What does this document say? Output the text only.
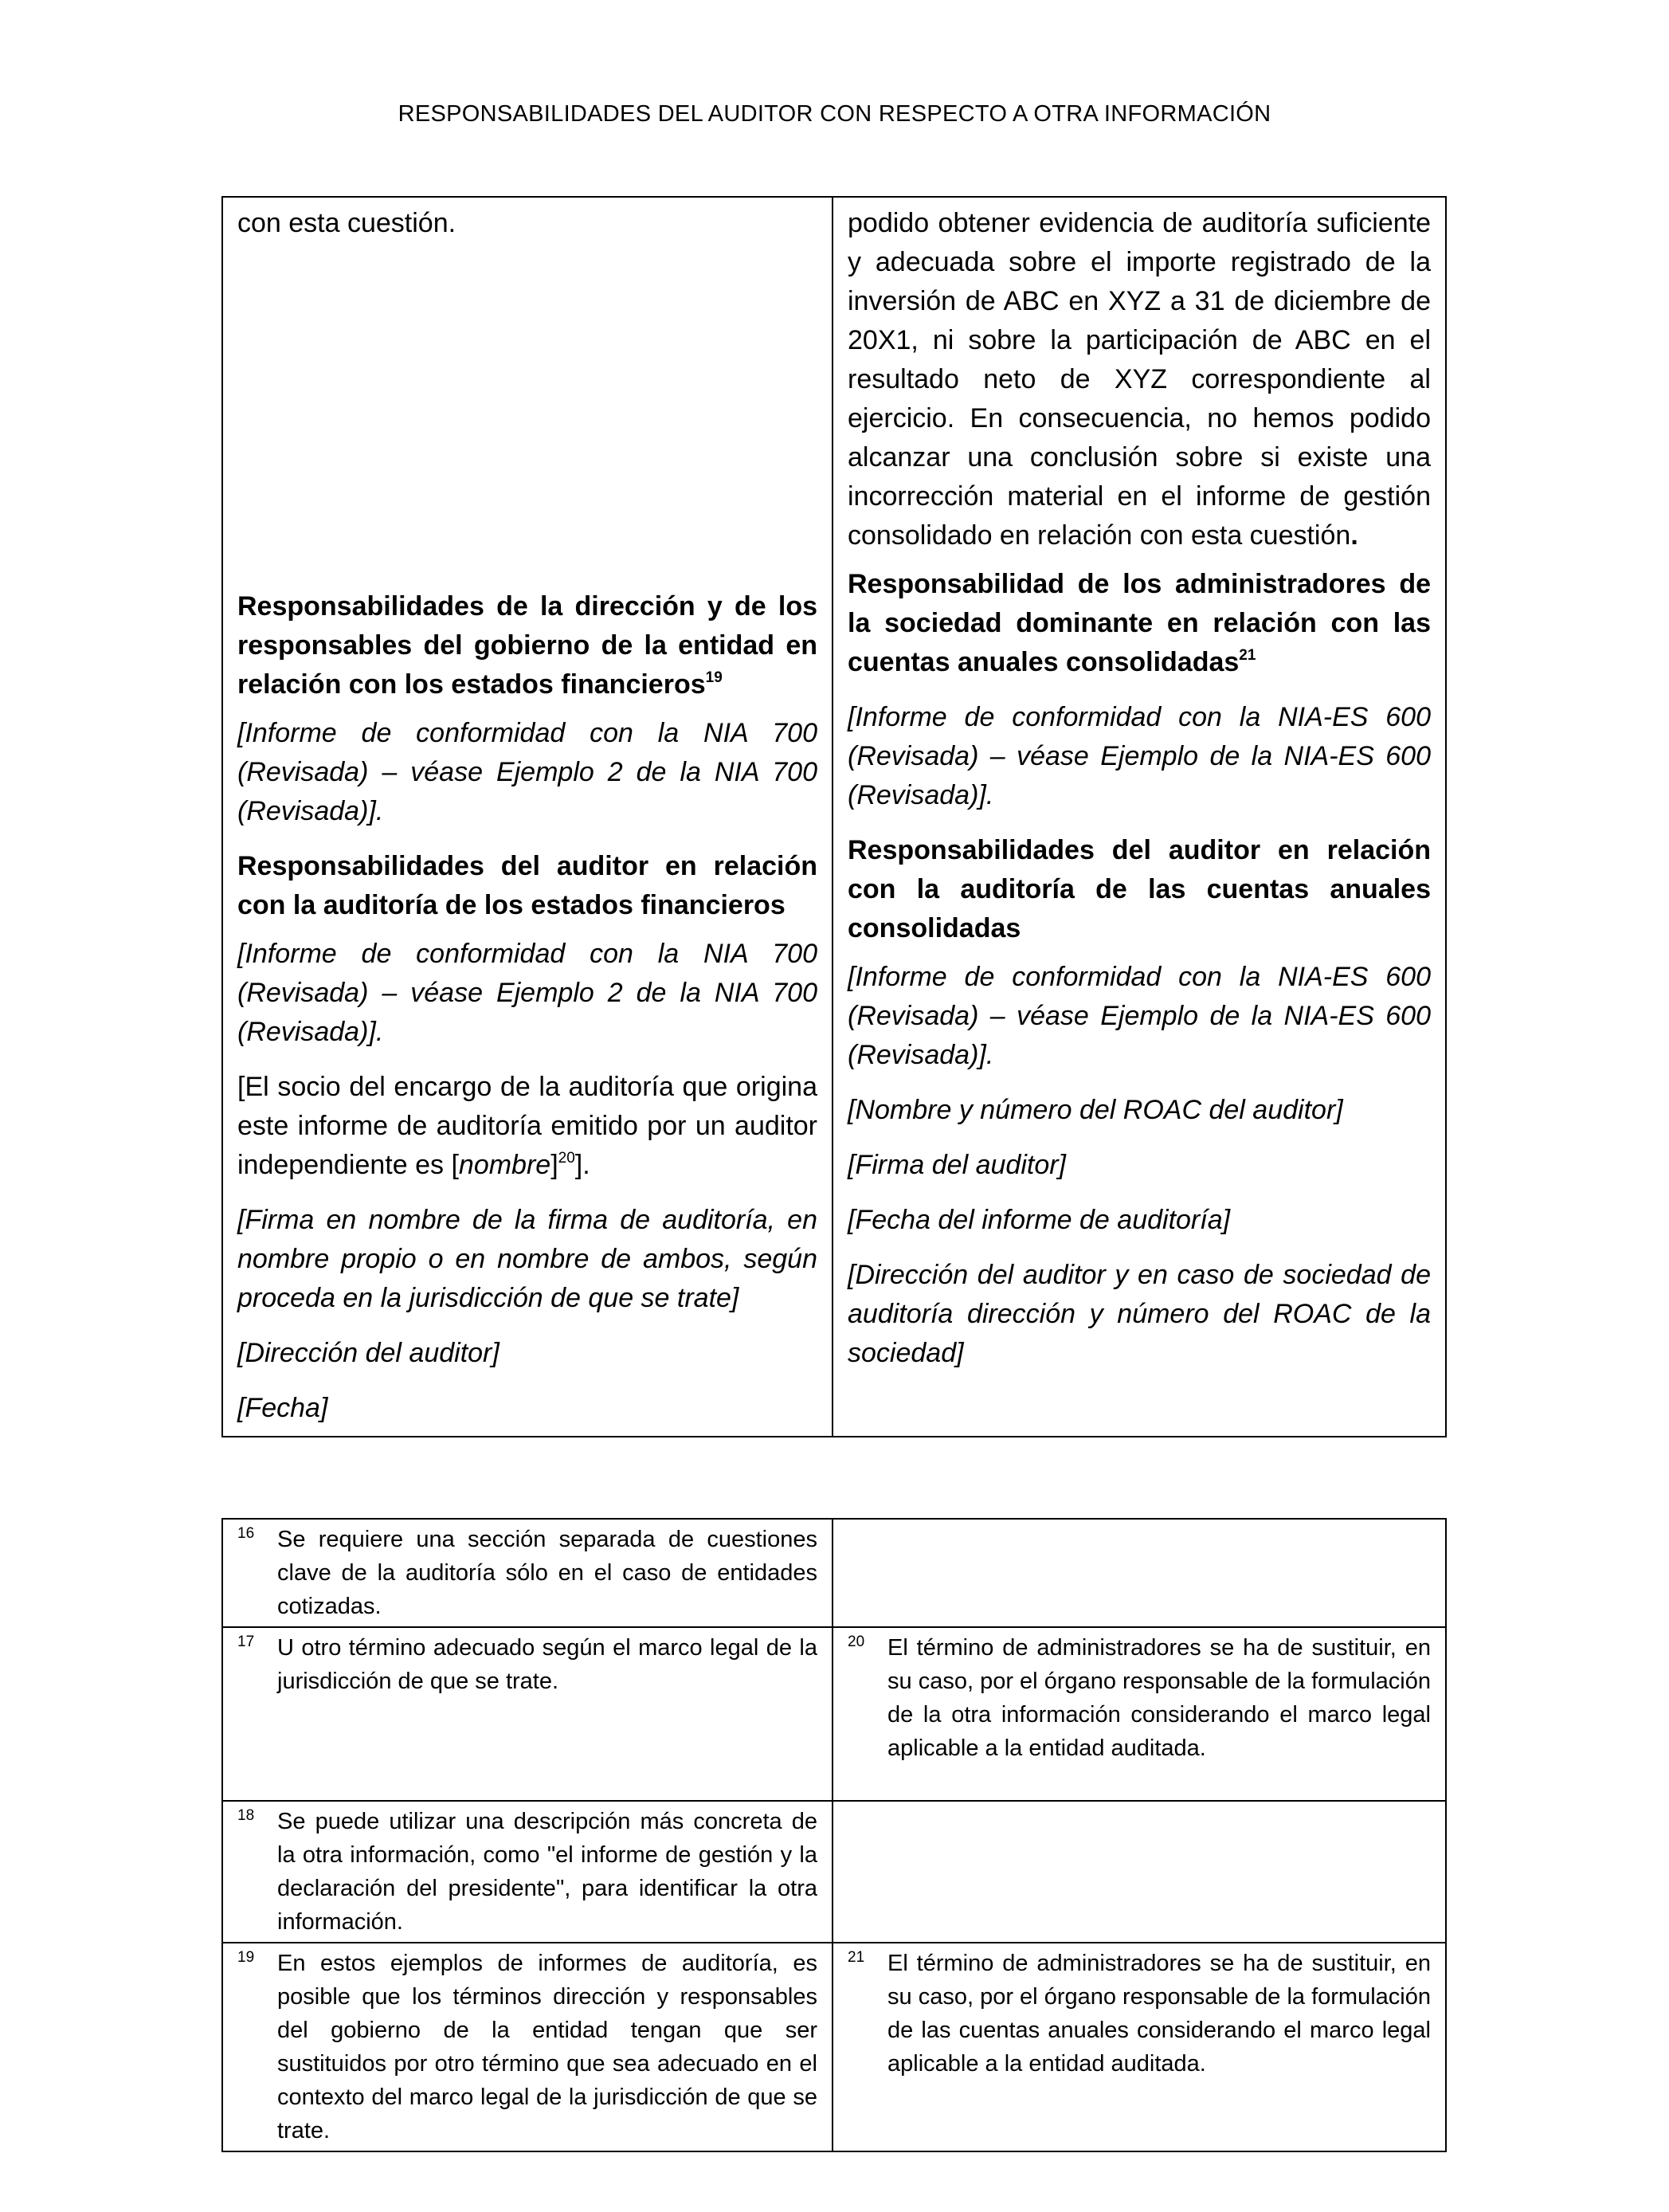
RESPONSABILIDADES DEL AUDITOR CON RESPECTO A OTRA INFORMACIÓN

con esta cuestión.

Responsabilidades de la dirección y de los responsables del gobierno de la entidad en relación con los estados financieros$^{19}$

[Informe de conformidad con la NIA 700 (Revisada) – véase Ejemplo 2 de la NIA 700 (Revisada)].

Responsabilidades del auditor en relación con la auditoría de los estados financieros

[Informe de conformidad con la NIA 700 (Revisada) – véase Ejemplo 2 de la NIA 700 (Revisada)].

[El socio del encargo de la auditoría que origina este informe de auditoría emitido por un auditor independiente es [nombre]$^{20}$].

[Firma en nombre de la firma de auditoría, en nombre propio o en nombre de ambos, según proceda en la jurisdicción de que se trate]

[Dirección del auditor]

[Fecha]

podido obtener evidencia de auditoría suficiente y adecuada sobre el importe registrado de la inversión de ABC en XYZ a 31 de diciembre de 20X1, ni sobre la participación de ABC en el resultado neto de XYZ correspondiente al ejercicio. En consecuencia, no hemos podido alcanzar una conclusión sobre si existe una incorrección material en el informe de gestión consolidado en relación con esta cuestión.

Responsabilidad de los administradores de la sociedad dominante en relación con las cuentas anuales consolidadas$^{21}$

[Informe de conformidad con la NIA-ES 600 (Revisada) – véase Ejemplo de la NIA-ES 600 (Revisada)].

Responsabilidades del auditor en relación con la auditoría de las cuentas anuales consolidadas

[Informe de conformidad con la NIA-ES 600 (Revisada) – véase Ejemplo de la NIA-ES 600 (Revisada)].

[Nombre y número del ROAC del auditor]

[Firma del auditor]

[Fecha del informe de auditoría]

[Dirección del auditor y en caso de sociedad de auditoría dirección y número del ROAC de la sociedad]

16 Se requiere una sección separada de cuestiones clave de la auditoría sólo en el caso de entidades cotizadas.	

17 U otro término adecuado según el marco legal de la jurisdicción de que se trate.	20 El término de administradores se ha de sustituir, en su caso, por el órgano responsable de la formulación de la otra información considerando el marco legal aplicable a la entidad auditada.

18 Se puede utilizar una descripción más concreta de la otra información, como "el informe de gestión y la declaración del presidente", para identificar la otra información.	

19 En estos ejemplos de informes de auditoría, es posible que los términos dirección y responsables del gobierno de la entidad tengan que ser sustituidos por otro término que sea adecuado en el contexto del marco legal de la jurisdicción de que se trate.	21 El término de administradores se ha de sustituir, en su caso, por el órgano responsable de la formulación de las cuentas anuales considerando el marco legal aplicable a la entidad auditada.
